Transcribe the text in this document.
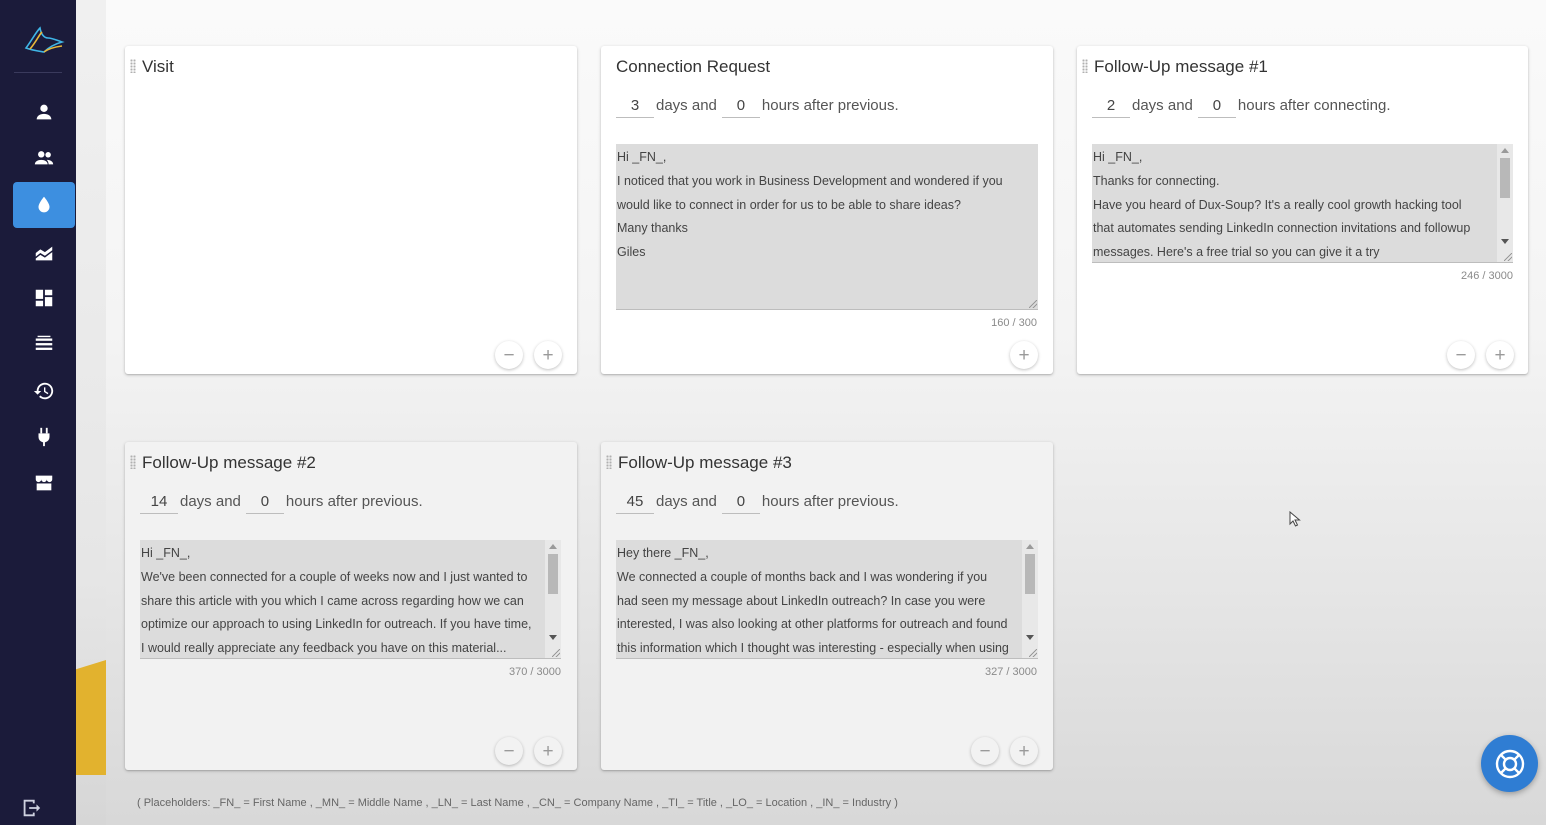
Visit
−	+
Connection Request
3	days and	0	hours after previous.
Hi _FN_,
I noticed that you work in Business Development and wondered if you
would like to connect in order for us to be able to share ideas?
Many thanks
Giles
160 / 300
+
Follow-Up message #1
2	days and	0	hours after connecting.
Hi _FN_,
Thanks for connecting.
Have you heard of Dux-Soup? It's a really cool growth hacking tool
that automates sending LinkedIn connection invitations and followup
messages. Here's a free trial so you can give it a try
246 / 3000
−	+
Follow-Up message #2
14 days and	0	hours after previous.
Hi _FN_,
We've been connected for a couple of weeks now and I just wanted to
share this article with you which I came across regarding how we can
optimize our approach to using LinkedIn for outreach. If you have time,
I would really appreciate any feedback you have on this material...
370 / 3000
−	+
Follow-Up message #3
45 days and	0	hours after previous.
Hey there _FN_,
We connected a couple of months back and I was wondering if you
had seen my message about LinkedIn outreach? In case you were
interested, I was also looking at other platforms for outreach and found
this information which I thought was interesting - especially when using
327 / 3000
−	+
( Placeholders: _FN_ = First Name , _MN_ = Middle Name , _LN_ = Last Name , _CN_ = Company Name , _TI_ = Title , _LO_ = Location , _IN_ = Industry )
